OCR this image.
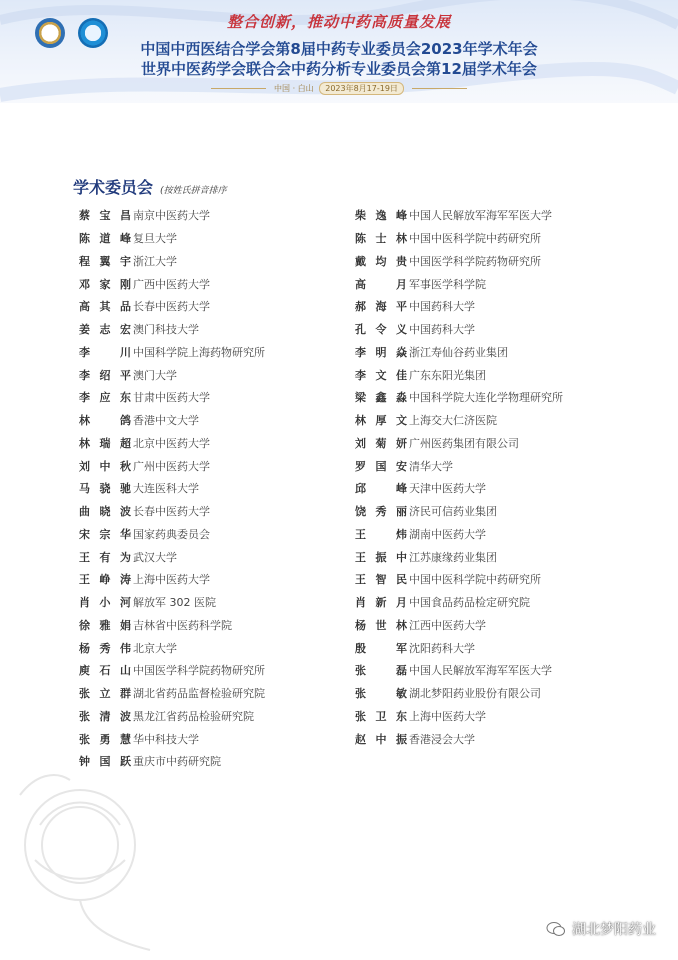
整合创新，推动中药高质量发展
中国中西医结合学会第8届中药专业委员会2023年学术年会
世界中医药学会联合会中药分析专业委员会第12届学术年会
中国 · 白山 2023年8月17-19日
学术委员会 (按姓氏拼音排序
蔡宝昌 南京中医药大学
陈道峰 复旦大学
程翼宇 浙江大学
邓家刚 广西中医药大学
高其品 长春中医药大学
姜志宏 澳门科技大学
李川 中国科学院上海药物研究所
李绍平 澳门大学
李应东 甘肃中医药大学
林鸽 香港中文大学
林瑞超 北京中医药大学
刘中秋 广州中医药大学
马骁驰 大连医科大学
曲晓波 长春中医药大学
宋宗华 国家药典委员会
王有为 武汉大学
王峥涛 上海中医药大学
肖小河 解放军 302 医院
徐雅娟 吉林省中医药科学院
杨秀伟 北京大学
庾石山 中国医学科学院药物研究所
张立群 湖北省药品监督检验研究院
张清波 黑龙江省药品检验研究院
张勇慧 华中科技大学
钟国跃 重庆市中药研究院
柴逸峰 中国人民解放军海军军医大学
陈士林 中国中医科学院中药研究所
戴均贵 中国医学科学院药物研究所
高月 军事医学科学院
郝海平 中国药科大学
孔令义 中国药科大学
李明焱 浙江寿仙谷药业集团
李文佳 广东东阳光集团
梁鑫淼 中国科学院大连化学物理研究所
林厚文 上海交大仁济医院
刘菊妍 广州医药集团有限公司
罗国安 清华大学
邱峰 天津中医药大学
饶秀丽 济民可信药业集团
王炜 湖南中医药大学
王振中 江苏康缘药业集团
王智民 中国中医科学院中药研究所
肖新月 中国食品药品检定研究院
杨世林 江西中医药大学
殷军 沈阳药科大学
张磊 中国人民解放军海军军医大学
张敏 湖北梦阳药业股份有限公司
张卫东 上海中医药大学
赵中振 香港浸会大学
湖北梦阳药业
